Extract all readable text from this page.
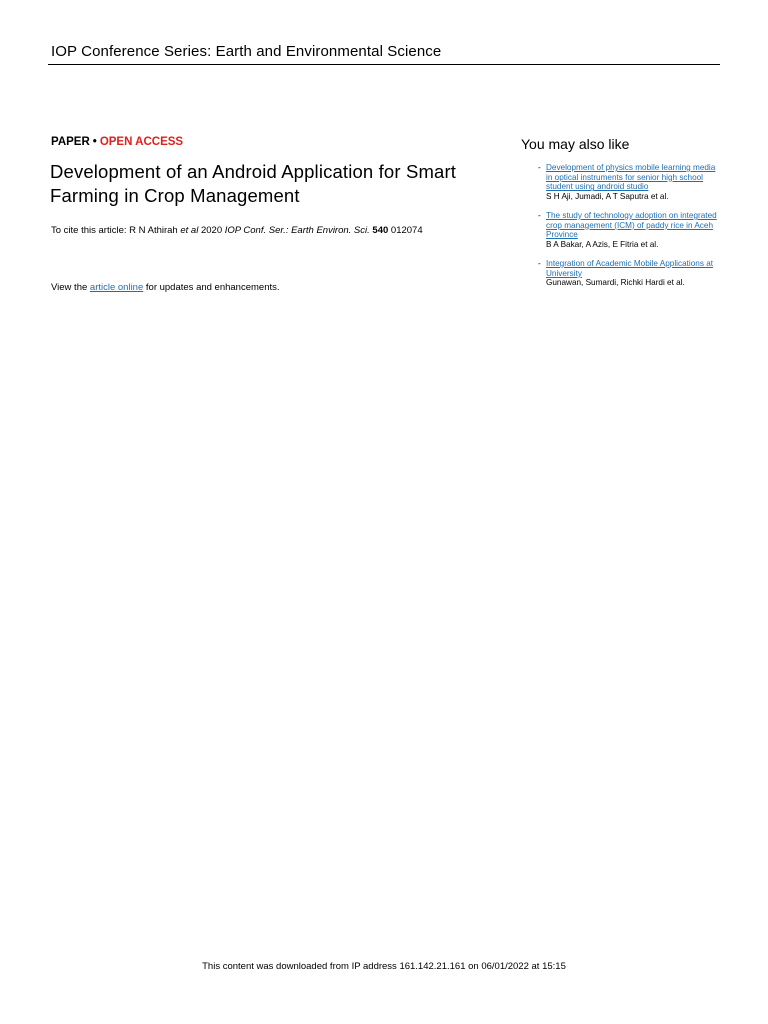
IOP Conference Series: Earth and Environmental Science
PAPER • OPEN ACCESS
Development of an Android Application for Smart Farming in Crop Management
To cite this article: R N Athirah et al 2020 IOP Conf. Ser.: Earth Environ. Sci. 540 012074
View the article online for updates and enhancements.
You may also like
- Development of physics mobile learning media in optical instruments for senior high school student using android studio
S H Aji, Jumadi, A T Saputra et al.
- The study of technology adoption on integrated crop management (ICM) of paddy rice in Aceh Province
B A Bakar, A Azis, E Fitria et al.
- Integration of Academic Mobile Applications at University
Gunawan, Sumardi, Richki Hardi et al.
This content was downloaded from IP address 161.142.21.161 on 06/01/2022 at 15:15
